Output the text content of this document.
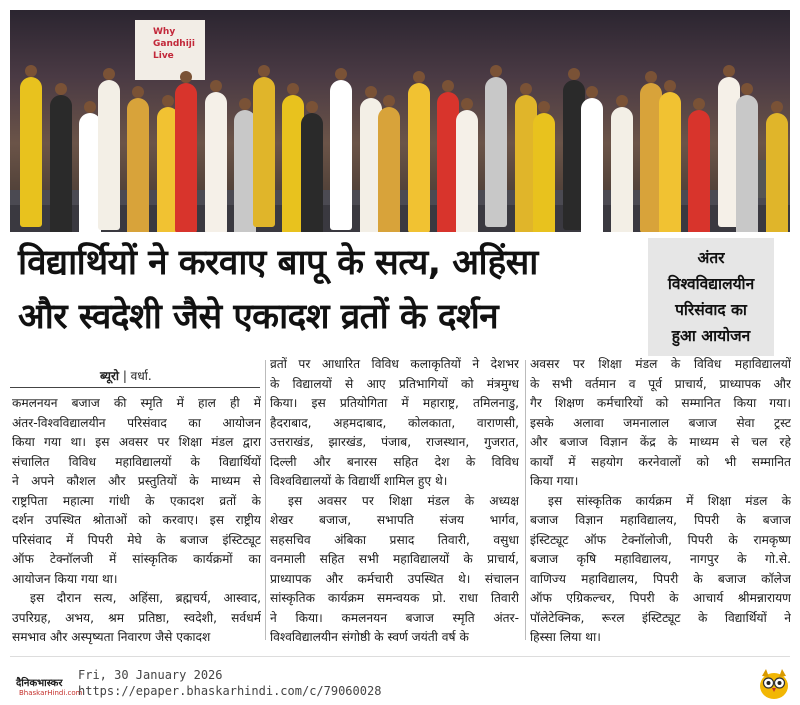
Why
Gandhiji
Live
विद्यार्थियों ने करवाए बापू के सत्य, अहिंसा
और स्वदेशी जैसे एकादश व्रतों के दर्शन
अंतर
विश्वविद्यालयीन
परिसंवाद का
हुआ आयोजन
ब्यूरो | वर्धा.
कमलनयन बजाज की स्मृति में हाल ही में
अंतर-विश्वविद्यालयीन परिसंवाद का आयोजन
किया गया था। इस अवसर पर शिक्षा मंडल द्वारा
संचालित विविध महाविद्यालयों के विद्यार्थियों
ने अपने कौशल और प्रस्तुतियों के माध्यम से
राष्ट्रपिता महात्मा गांधी के एकादश व्रतों के
दर्शन उपस्थित श्रोताओं को करवाए। इस राष्ट्रीय
परिसंवाद में पिपरी मेघे के बजाज इंस्टिट्यूट
ऑफ टेक्नॉलजी में सांस्कृतिक कार्यक्रमों का
आयोजन किया गया था।
इस दौरान सत्य, अहिंसा, ब्रह्मचर्य, आस्वाद,
उपरिग्रह, अभय, श्रम प्रतिष्ठा, स्वदेशी, सर्वधर्म
समभाव और अस्पृष्यता निवारण जैसे एकादश
व्रतों पर आधारित विविध कलाकृतियों ने देशभर
के विद्यालयों से आए प्रतिभागियों को मंत्रमुग्ध
किया। इस प्रतियोगिता में महाराष्ट्र, तमिलनाडु,
हैदराबाद, अहमदाबाद, कोलकाता, वाराणसी,
उत्तराखंड, झारखंड, पंजाब, राजस्थान, गुजरात,
दिल्ली और बनारस सहित देश के विविध
विश्वविद्यालयों के विद्यार्थी शामिल हुए थे।
इस अवसर पर शिक्षा मंडल के अध्यक्ष
शेखर बजाज, सभापति संजय भार्गव,
सहसचिव अंबिका प्रसाद तिवारी, वसुधा
वनमाली सहित सभी महाविद्यालयों के प्राचार्य,
प्राध्यापक और कर्मचारी उपस्थित थे। संचालन
सांस्कृतिक कार्यक्रम समन्वयक प्रो. राधा तिवारी
ने किया। कमलनयन बजाज स्मृति अंतर-
विश्वविद्यालयीन संगोष्ठी के स्वर्ण जयंती वर्ष के
अवसर पर शिक्षा मंडल के विविध महाविद्यालयों
के सभी वर्तमान व पूर्व प्राचार्य, प्राध्यापक और
गैर शिक्षण कर्मचारियों को सम्मानित किया गया।
इसके अलावा जमनालाल बजाज सेवा ट्रस्ट
और बजाज विज्ञान केंद्र के माध्यम से चल रहे
कार्यों में सहयोग करनेवालों को भी सम्मानित
किया गया।
इस सांस्कृतिक कार्यक्रम में शिक्षा मंडल के
बजाज विज्ञान महाविद्यालय, पिपरी के बजाज
इंस्टिट्यूट ऑफ टेक्नॉलोजी, पिपरी के रामकृष्ण
बजाज कृषि महाविद्यालय, नागपुर के गो.से.
वाणिज्य महाविद्यालय, पिपरी के बजाज कॉलेज
ऑफ एग्रिकल्चर, पिपरी के आचार्य श्रीमन्नारायण
पॉलेटेक्निक, रूरल इंस्टिट्यूट के विद्यार्थियों ने
हिस्सा लिया था।
दैनिकभास्कर
BhaskarHindi.com
Fri, 30 January 2026
https://epaper.bhaskarhindi.com/c/79060028
